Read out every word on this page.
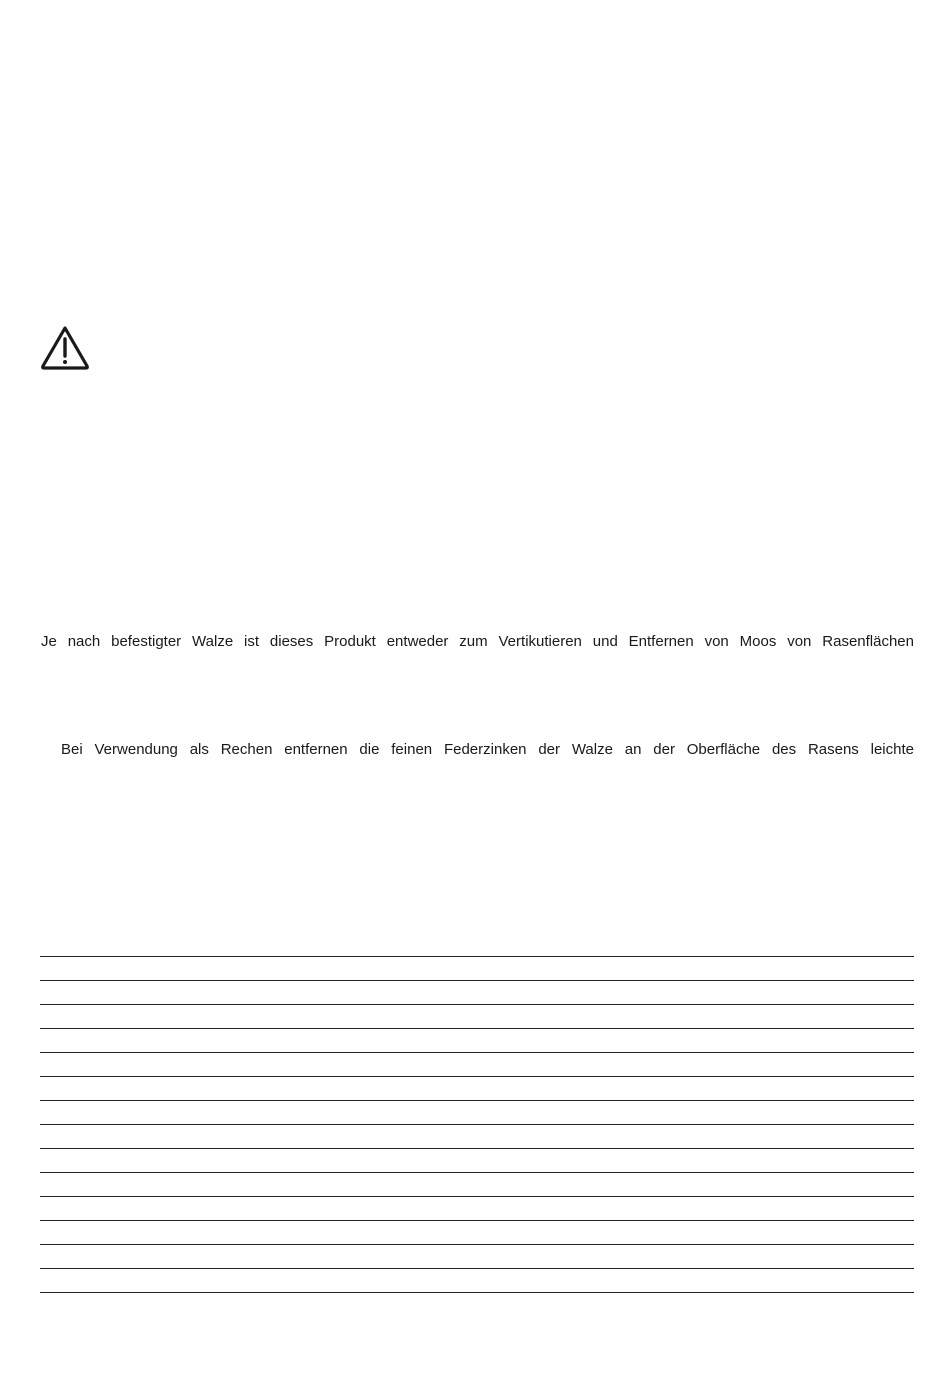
Je nach befestigter Walze ist dieses Produkt entweder zum Vertikutieren und Entfernen von Moos von Rasenflächen
Bei Verwendung als Rechen entfernen die feinen Federzinken der Walze an der Oberfläche des Rasens leichte
